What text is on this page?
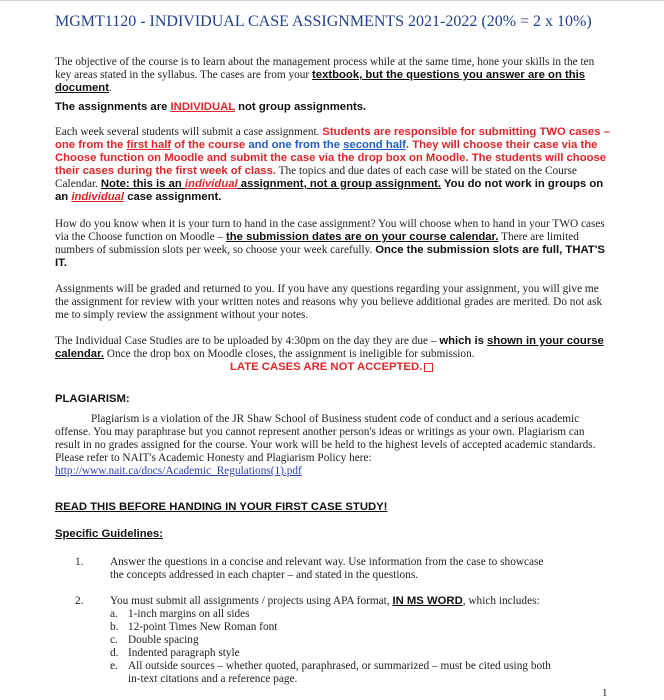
MGMT1120 - INDIVIDUAL CASE ASSIGNMENTS 2021-2022 (20% = 2 x 10%)
The objective of the course is to learn about the management process while at the same time, hone your skills in the ten key areas stated in the syllabus. The cases are from your textbook, but the questions you answer are on this document.
The assignments are INDIVIDUAL not group assignments.
Each week several students will submit a case assignment. Students are responsible for submitting TWO cases – one from the first half of the course and one from the second half. They will choose their case via the Choose function on Moodle and submit the case via the drop box on Moodle. The students will choose their cases during the first week of class. The topics and due dates of each case will be stated on the Course Calendar. Note: this is an individual assignment, not a group assignment. You do not work in groups on an individual case assignment.
How do you know when it is your turn to hand in the case assignment? You will choose when to hand in your TWO cases via the Choose function on Moodle – the submission dates are on your course calendar. There are limited numbers of submission slots per week, so choose your week carefully. Once the submission slots are full, THAT'S IT.
Assignments will be graded and returned to you. If you have any questions regarding your assignment, you will give me the assignment for review with your written notes and reasons why you believe additional grades are merited. Do not ask me to simply review the assignment without your notes.
The Individual Case Studies are to be uploaded by 4:30pm on the day they are due – which is shown in your course calendar. Once the drop box on Moodle closes, the assignment is ineligible for submission.
LATE CASES ARE NOT ACCEPTED.
PLAGIARISM:
Plagiarism is a violation of the JR Shaw School of Business student code of conduct and a serious academic offense. You may paraphrase but you cannot represent another person's ideas or writings as your own. Plagiarism can result in no grades assigned for the course. Your work will be held to the highest levels of accepted academic standards. Please refer to NAIT's Academic Honesty and Plagiarism Policy here:
http://www.nait.ca/docs/Academic_Regulations(1).pdf
READ THIS BEFORE HANDING IN YOUR FIRST CASE STUDY!
Specific Guidelines:
1. Answer the questions in a concise and relevant way. Use information from the case to showcase the concepts addressed in each chapter – and stated in the questions.
2. You must submit all assignments / projects using APA format, IN MS WORD, which includes:
a. 1-inch margins on all sides
b. 12-point Times New Roman font
c. Double spacing
d. Indented paragraph style
e. All outside sources – whether quoted, paraphrased, or summarized – must be cited using both in-text citations and a reference page.
1
